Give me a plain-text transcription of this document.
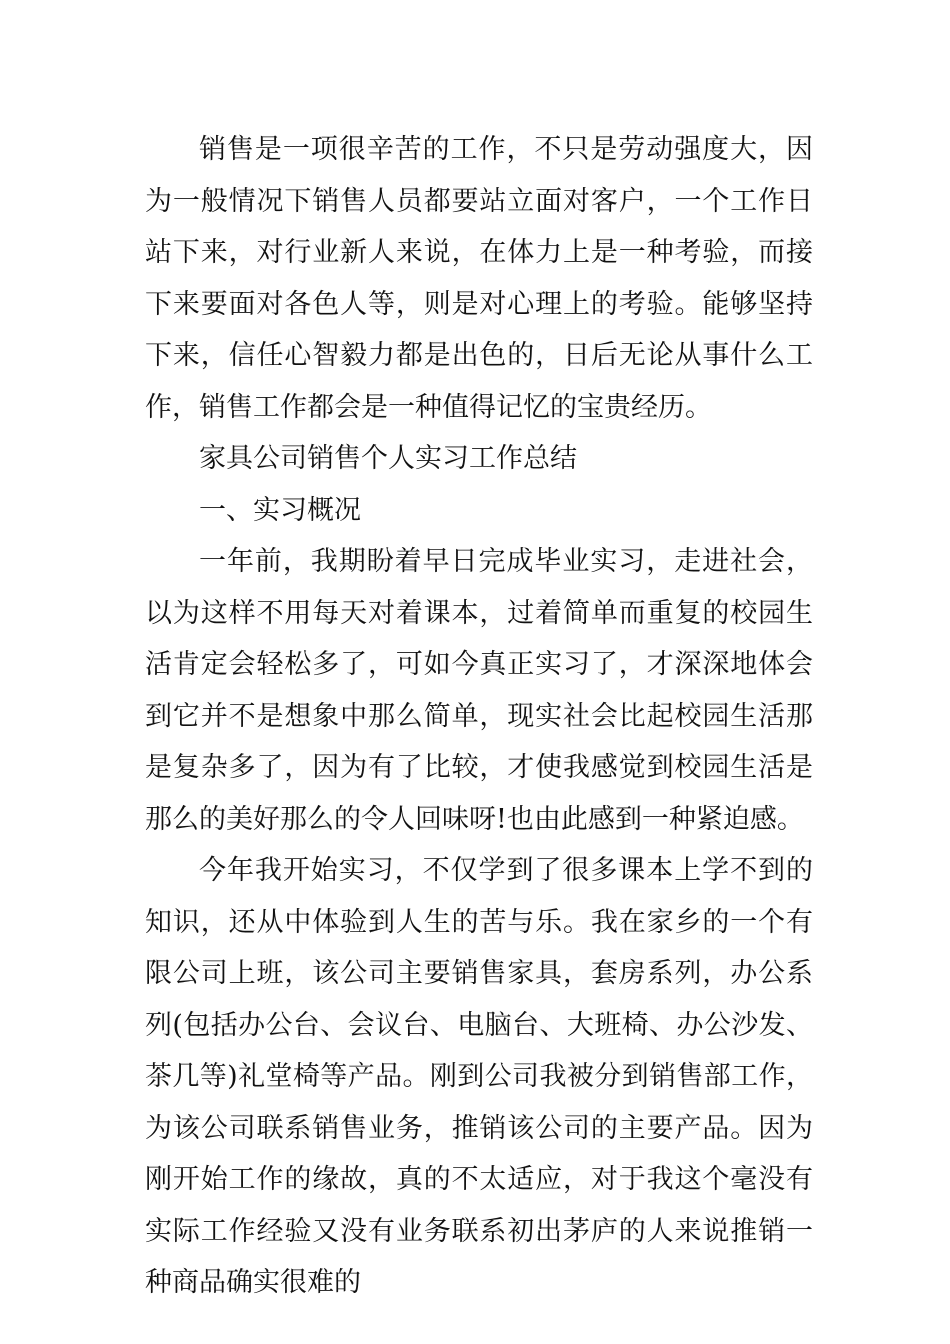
销售是一项很辛苦的工作，不只是劳动强度大，因为一般情况下销售人员都要站立面对客户，一个工作日站下来，对行业新人来说，在体力上是一种考验，而接下来要面对各色人等，则是对心理上的考验。能够坚持下来，信任心智毅力都是出色的，日后无论从事什么工作，销售工作都会是一种值得记忆的宝贵经历。

家具公司销售个人实习工作总结

一、实习概况

一年前，我期盼着早日完成毕业实习，走进社会，以为这样不用每天对着课本，过着简单而重复的校园生活肯定会轻松多了，可如今真正实习了，才深深地体会到它并不是想象中那么简单，现实社会比起校园生活那是复杂多了，因为有了比较，才使我感觉到校园生活是那么的美好那么的令人回味呀!也由此感到一种紧迫感。

今年我开始实习，不仅学到了很多课本上学不到的知识，还从中体验到人生的苦与乐。我在家乡的一个有限公司上班，该公司主要销售家具，套房系列，办公系列(包括办公台、会议台、电脑台、大班椅、办公沙发、茶几等)礼堂椅等产品。刚到公司我被分到销售部工作，为该公司联系销售业务，推销该公司的主要产品。因为刚开始工作的缘故，真的不太适应，对于我这个毫没有实际工作经验又没有业务联系初出茅庐的人来说推销一种商品确实很难的
